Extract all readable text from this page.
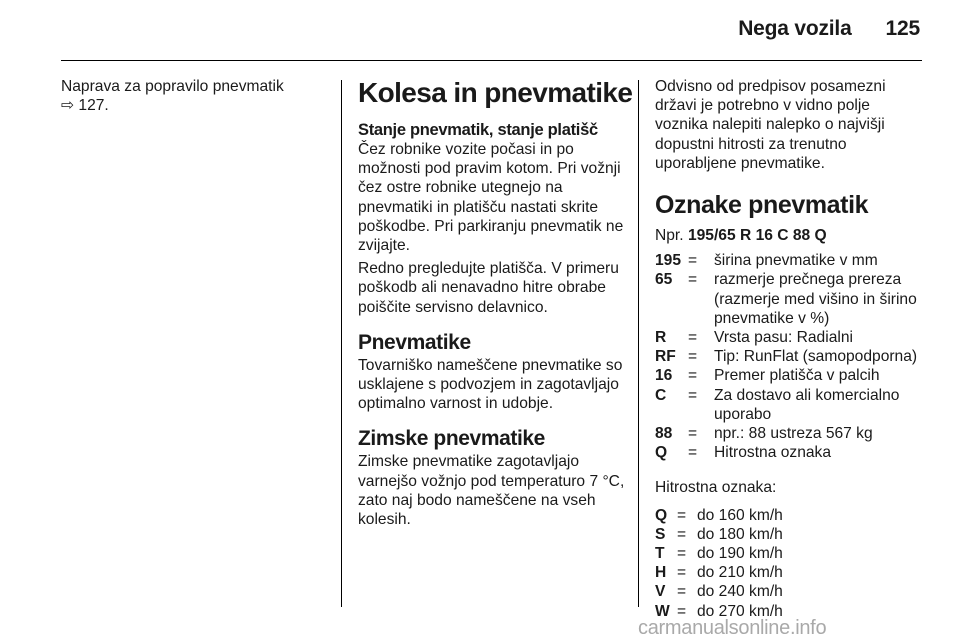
Nega vozila 125

Naprava za popravilo pnevmatik
⇨ 127.	Kolesa in pnevmatike
Stanje pnevmatik, stanje platišč

Čez robnike vozite počasi in po možnosti pod pravim kotom. Pri vožnji čez ostre robnike utegnejo na pnevmatiki in platišču nastati skrite poškodbe. Pri parkiranju pnevmatik ne zvijajte.

Redno pregledujte platišča. V primeru poškodb ali nenavadno hitre obrabe poiščite servisno delavnico.

Pnevmatike

Tovarniško nameščene pnevmatike so usklajene s podvozjem in zagotavljajo optimalno varnost in udobje.

Zimske pnevmatike

Zimske pnevmatike zagotavljajo varnejšo vožnjo pod temperaturo 7 °C, zato naj bodo nameščene na vseh kolesih.

Odvisno od predpisov posamezni državi je potrebno v vidno polje voznika nalepiti nalepko o najvišji dopustni hitrosti za trenutno uporabljene pnevmatike.

Oznake pnevmatik
Npr. 195/65 R 16 C 88 Q
195 =	širina pnevmatike v mm
65	=	razmerje prečnega prereza (razmerje med višino in širino pnevmatike v %)
R	=	Vrsta pasu: Radialni
RF =	Tip: RunFlat (samopodporna)
16	=	Premer platišča v palcih
C	=	Za dostavo ali komercialno uporabo
88	=	npr.: 88 ustreza 567 kg
Q	=	Hitrostna oznaka

Hitrostna oznaka:

Q = do 160 km/h
S = do 180 km/h
T = do 190 km/h
H = do 210 km/h
V = do 240 km/h
W = do 270 km/h
carmanualsonline.info
